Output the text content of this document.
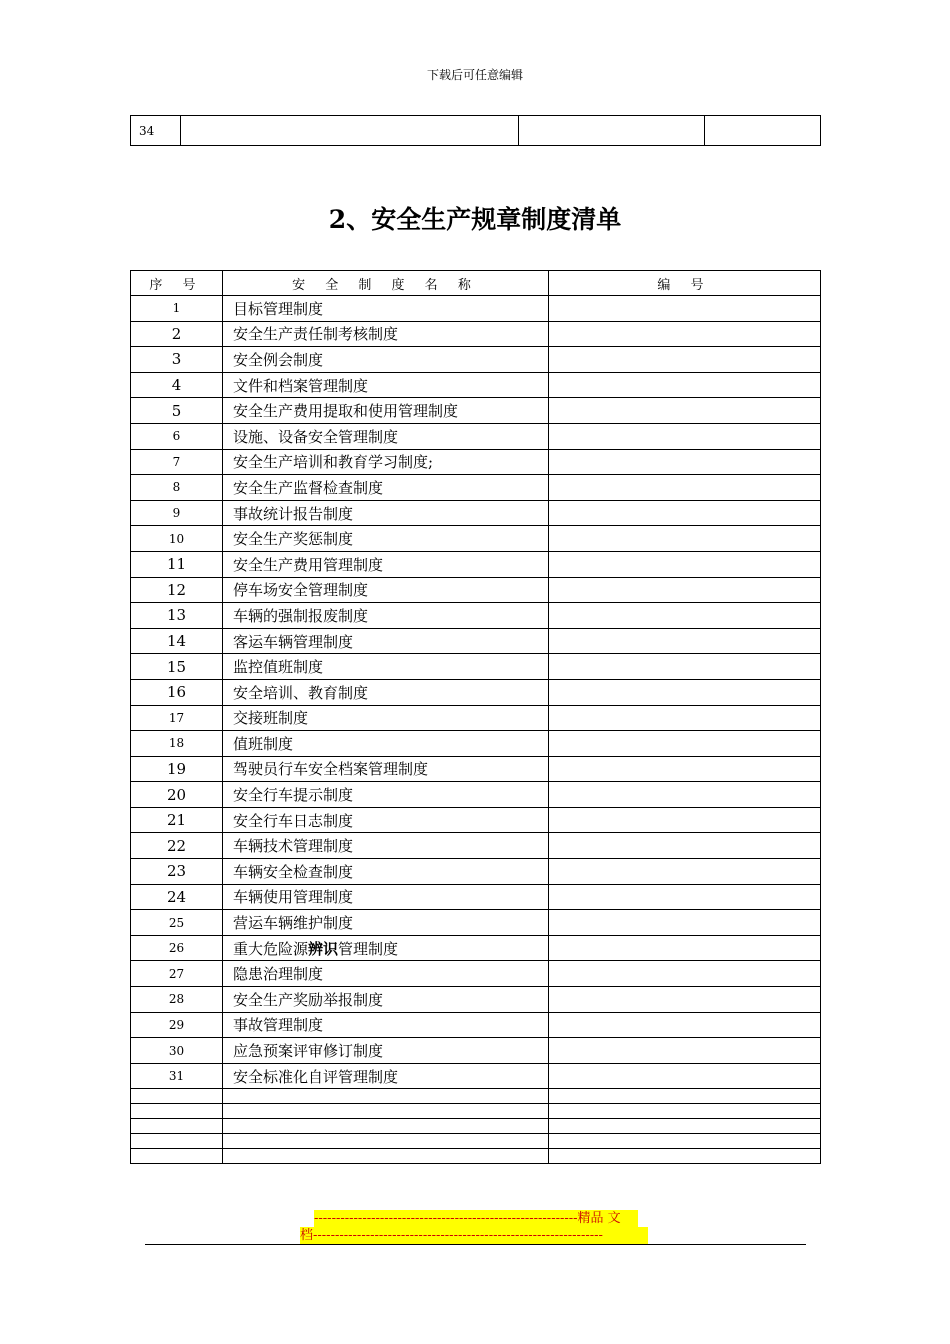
下载后可任意编辑
34			
2、安全生产规章制度清单
序 号	安 全 制 度 名 称	编 号
1	目标管理制度	
2	安全生产责任制考核制度	
3	安全例会制度	
4	文件和档案管理制度	
5	安全生产费用提取和使用管理制度	
6	设施、设备安全管理制度	
7	安全生产培训和教育学习制度;	
8	安全生产监督检查制度	
9	事故统计报告制度	
10	安全生产奖惩制度	
11	安全生产费用管理制度	
12	停车场安全管理制度	
13	车辆的强制报废制度	
14	客运车辆管理制度	
15	监控值班制度	
16	安全培训、教育制度	
17	交接班制度	
18	值班制度	
19	驾驶员行车安全档案管理制度	
20	安全行车提示制度	
21	安全行车日志制度	
22	车辆技术管理制度	
23	车辆安全检查制度	
24	车辆使用管理制度	
25	营运车辆维护制度	
26	重大危险源辨识管理制度	
27	隐患治理制度	
28	安全生产奖励举报制度	
29	事故管理制度	
30	应急预案评审修订制度	
31	安全标准化自评管理制度	

------------------------------------------------------------精品 文
档------------------------------------------------------------------
